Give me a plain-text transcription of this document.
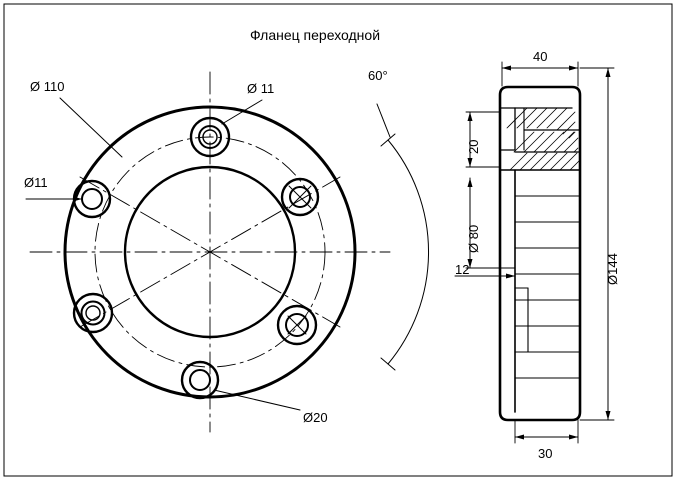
Фланец переходной
Ø 110	Ø 11
Ø11
Ø20
60°
40
30
20
Ø 80
12	Ø144
